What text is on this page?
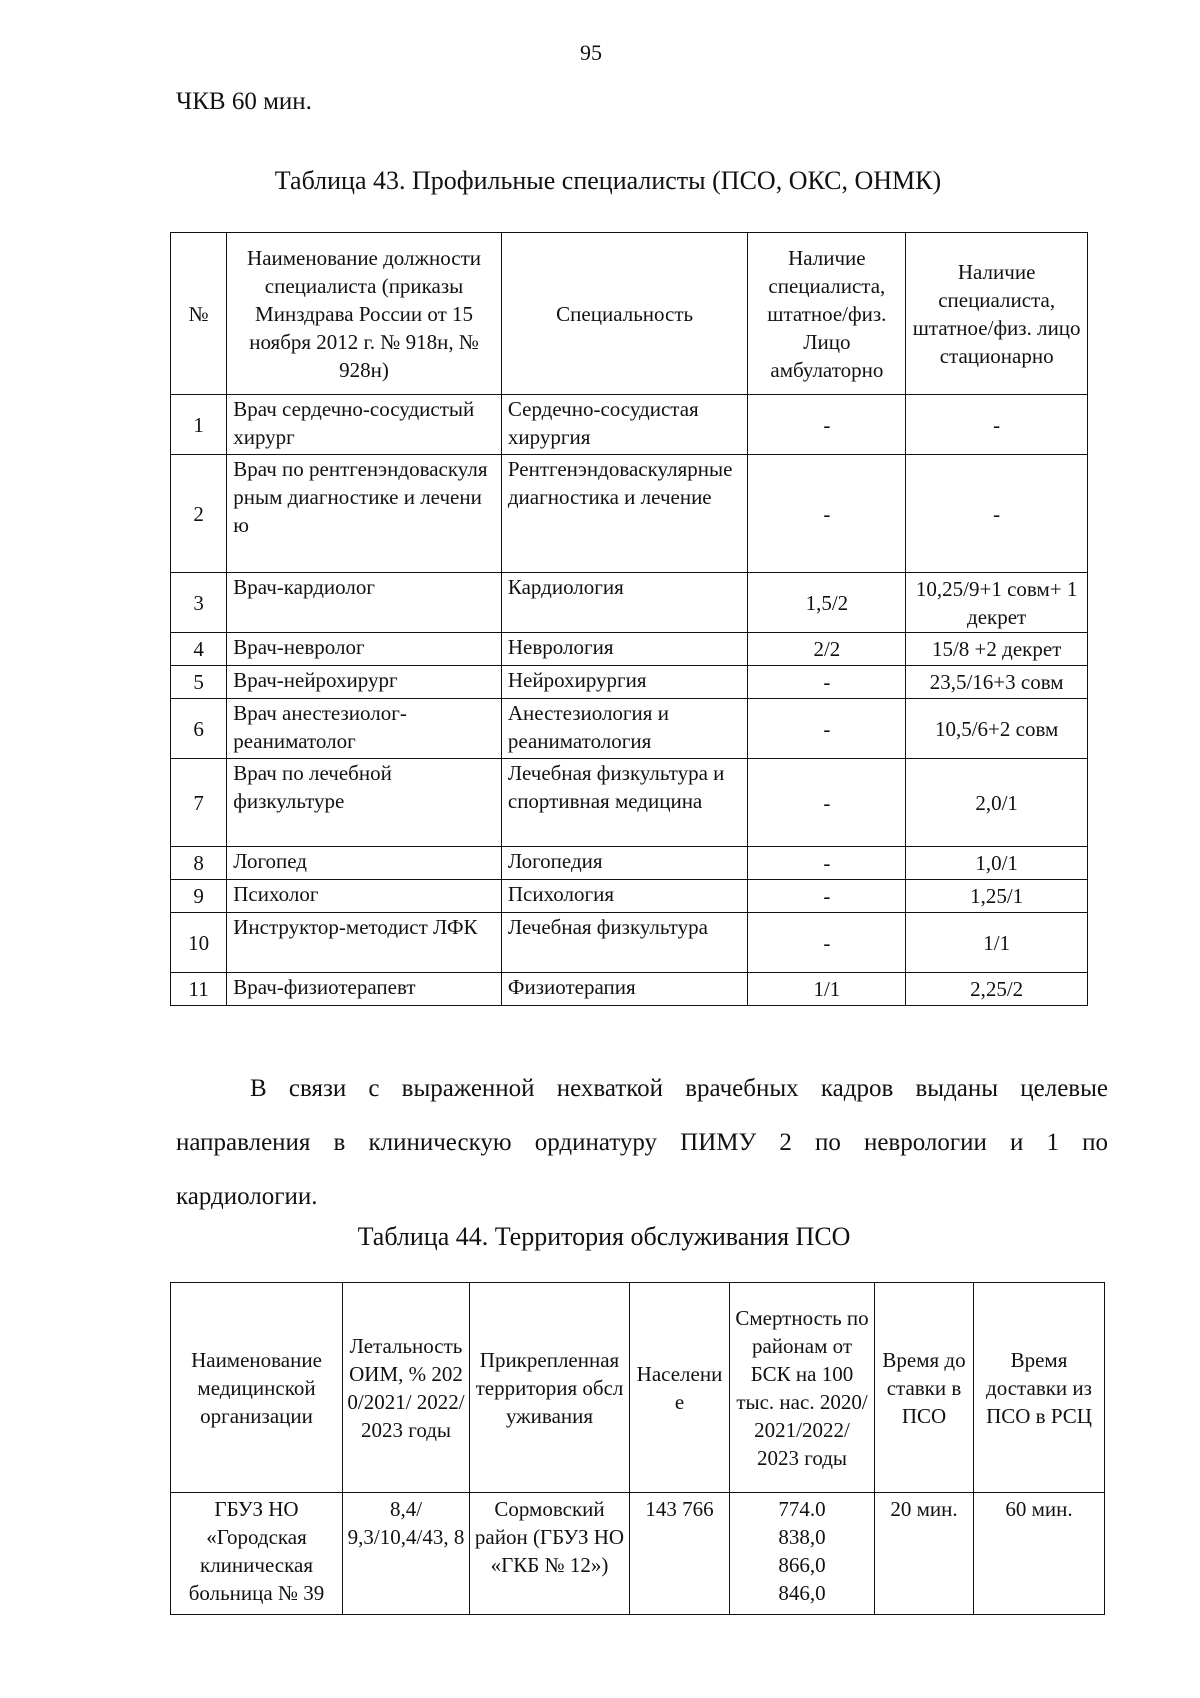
95
ЧКВ 60 мин.
Таблица 43. Профильные специалисты (ПСО, ОКС, ОНМК)
№	Наименование должности специалиста (приказы Минздрава России от 15 ноября 2012 г. № 918н, № 928н)	Специальность	Наличие специалиста, штатное/физ. Лицо амбулаторно	Наличие специалиста, штатное/физ. лицо стационарно
1	Врач сердечно-сосудистый хирург	Сердечно-сосудистая хирургия	-	-
2	Врач по рентгенэндоваскулярным диагностике и лечению	Рентгенэндоваскулярные диагностика и лечение	-	-
3	Врач-кардиолог	Кардиология	1,5/2	10,25/9+1 совм+ 1 декрет
4	Врач-невролог	Неврология	2/2	15/8 +2 декрет
5	Врач-нейрохирург	Нейрохирургия	-	23,5/16+3 совм
6	Врач анестезиолог-реаниматолог	Анестезиология и реаниматология	-	10,5/6+2 совм
7	Врач по лечебной физкультуре	Лечебная физкультура и спортивная медицина	-	2,0/1
8	Логопед	Логопедия	-	1,0/1
9	Психолог	Психология	-	1,25/1
10	Инструктор-методист ЛФК	Лечебная физкультура	-	1/1
11	Врач-физиотерапевт	Физиотерапия	1/1	2,25/2
В связи с выраженной нехваткой врачебных кадров выданы целевые
направления в клиническую ординатуру ПИМУ 2 по неврологии и 1 по
кардиологии.
Таблица 44. Территория обслуживания ПСО
Наименование медицинской организации	Летальность ОИМ, % 2020/2021/ 2022/2023 годы	Прикрепленная территория обслуживания	Население	Смертность по районам от БСК на 100 тыс. нас. 2020/ 2021/2022/ 2023 годы	Время доставки в ПСО	Время доставки из ПСО в РСЦ
ГБУЗ НО «Городская клиническая больница № 39	8,4/ 9,3/10,4/43, 8	Сормовский район (ГБУЗ НО «ГКБ № 12»)	143 766	774.0
838,0
866,0
846,0	20 мин.	60 мин.
